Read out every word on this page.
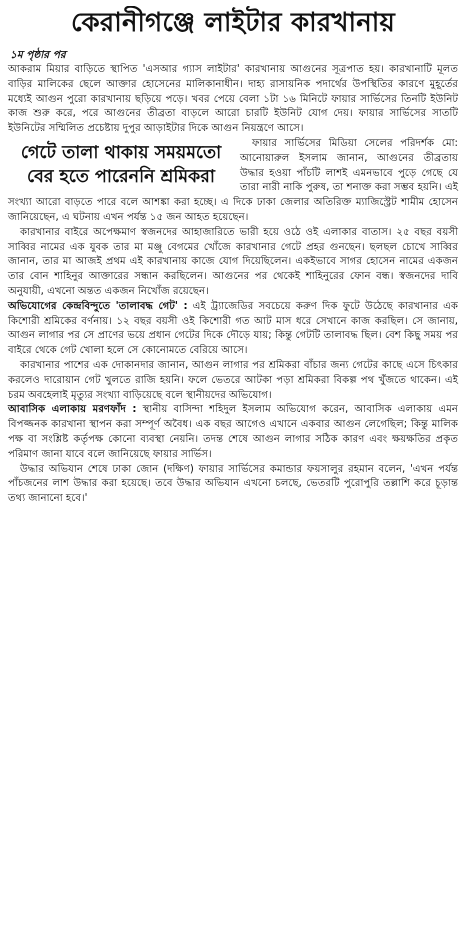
কেরানীগঞ্জে লাইটার কারখানায়
১ম পৃষ্ঠার পর

আকরাম মিয়ার বাড়িতে স্থাপিত 'এসআর গ্যাস লাইটার' কারখানায় আগুনের সূত্রপাত হয়। কারখানাটি মূলত বাড়ির মালিকের ছেলে আক্তার হোসেনের মালিকানাধীন। দাহ্য রাসায়নিক পদার্থের উপস্থিতির কারণে মুহূর্তের মধ্যেই আগুন পুরো কারখানায় ছড়িয়ে পড়ে। খবর পেয়ে বেলা ১টা ১৬ মিনিটে ফায়ার সার্ভিসের তিনটি ইউনিট কাজ শুরু করে, পরে আগুনের তীব্রতা বাড়লে আরো চারটি ইউনিট যোগ দেয়। ফায়ার সার্ভিসের সাতটি ইউনিটের সম্মিলিত প্রচেষ্টায় দুপুর আড়াইটার দিকে আগুন নিয়ন্ত্রণে আসে।

গেটে তালা থাকায় সময়মতো বের হতে পারেননি শ্রমিকরা

ফায়ার সার্ভিসের মিডিয়া সেলের পরিদর্শক মো: আনোয়ারুল ইসলাম জানান, আগুনের তীব্রতায় উদ্ধার হওয়া পাঁচটি লাশই এমনভাবে পুড়ে গেছে যে তারা নারী নাকি পুরুষ, তা শনাক্ত করা সম্ভব হয়নি। এই সংখ্যা আরো বাড়তে পারে বলে আশঙ্কা করা হচ্ছে। এ দিকে ঢাকা জেলার অতিরিক্ত ম্যাজিস্ট্রেট শামীম হোসেন জানিয়েছেন, এ ঘটনায় এখন পর্যন্ত ১৫ জন আহত হয়েছেন।

কারখানার বাইরে অপেক্ষমাণ স্বজনদের আহাজারিতে ভারী হয়ে ওঠে ওই এলাকার বাতাস। ২৫ বছর বয়সী সাব্বির নামের এক যুবক তার মা মঞ্জু বেগমের খোঁজে কারখানার গেটে প্রহর গুনছেন। ছলছল চোখে সাব্বির জানান, তার মা আজই প্রথম এই কারখানায় কাজে যোগ দিয়েছিলেন। একইভাবে সাগর হোসেন নামের একজন তার বোন শাহিনুর আক্তারের সন্ধান করছিলেন। আগুনের পর থেকেই শাহিনুরের ফোন বন্ধ। স্বজনদের দাবি অনুযায়ী, এখনো অন্তত একজন নিখোঁজ রয়েছেন।

অভিযোগের কেন্দ্রবিন্দুতে 'তালাবদ্ধ গেট' : এই ট্র্যাজেডির সবচেয়ে করুণ দিক ফুটে উঠেছে কারখানার এক কিশোরী শ্রমিকের বর্ণনায়। ১২ বছর বয়সী ওই কিশোরী গত আট মাস ধরে সেখানে কাজ করছিল। সে জানায়, আগুন লাগার পর সে প্রাণের ভয়ে প্রধান গেটের দিকে দৌড়ে যায়; কিন্তু গেটটি তালাবদ্ধ ছিল। বেশ কিছু সময় পর বাইরে থেকে গেট খোলা হলে সে কোনোমতে বেরিয়ে আসে।

কারখানার পাশের এক দোকানদার জানান, আগুন লাগার পর শ্রমিকরা বাঁচার জন্য গেটের কাছে এসে চিৎকার করলেও দারোয়ান গেট খুলতে রাজি হয়নি। ফলে ভেতরে আটকা পড়া শ্রমিকরা বিকল্প পথ খুঁজতে থাকেন। এই চরম অবহেলাই মৃত্যুর সংখ্যা বাড়িয়েছে বলে স্থানীয়দের অভিযোগ।

আবাসিক এলাকায় মরণফাঁদ : স্থানীয় বাসিন্দা শহিদুল ইসলাম অভিযোগ করেন, আবাসিক এলাকায় এমন বিপজ্জনক কারখানা স্থাপন করা সম্পূর্ণ অবৈধ। এক বছর আগেও এখানে একবার আগুন লেগেছিল; কিন্তু মালিক পক্ষ বা সংশ্লিষ্ট কর্তৃপক্ষ কোনো ব্যবস্থা নেয়নি। তদন্ত শেষে আগুন লাগার সঠিক কারণ এবং ক্ষয়ক্ষতির প্রকৃত পরিমাণ জানা যাবে বলে জানিয়েছে ফায়ার সার্ভিস।

উদ্ধার অভিযান শেষে ঢাকা জোন (দক্ষিণ) ফায়ার সার্ভিসের কমান্ডার ফয়সালুর রহমান বলেন, 'এখন পর্যন্ত পাঁচজনের লাশ উদ্ধার করা হয়েছে। তবে উদ্ধার অভিযান এখনো চলছে, ভেতরটি পুরোপুরি তল্লাশি করে চূড়ান্ত তথ্য জানানো হবে।'
